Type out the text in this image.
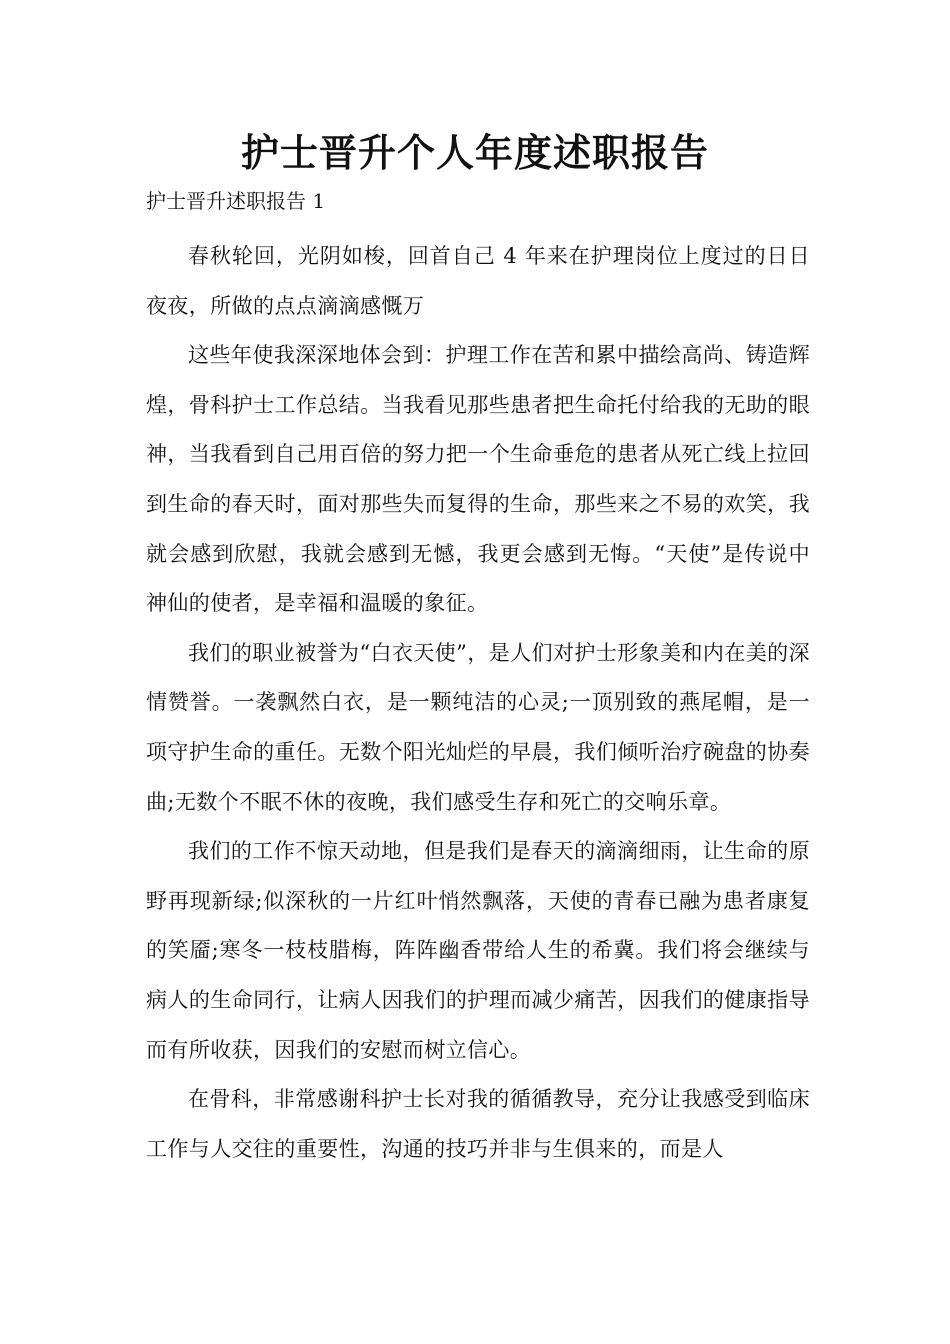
护士晋升个人年度述职报告

护士晋升述职报告 1

春秋轮回，光阴如梭，回首自己 4 年来在护理岗位上度过的日日夜夜，所做的点点滴滴感慨万

这些年使我深深地体会到：护理工作在苦和累中描绘高尚、铸造辉煌，骨科护士工作总结。当我看见那些患者把生命托付给我的无助的眼神，当我看到自己用百倍的努力把一个生命垂危的患者从死亡线上拉回到生命的春天时，面对那些失而复得的生命，那些来之不易的欢笑，我就会感到欣慰，我就会感到无憾，我更会感到无悔。“天使”是传说中神仙的使者，是幸福和温暖的象征。

我们的职业被誉为“白衣天使”，是人们对护士形象美和内在美的深情赞誉。一袭飘然白衣，是一颗纯洁的心灵;一顶别致的燕尾帽，是一项守护生命的重任。无数个阳光灿烂的早晨，我们倾听治疗碗盘的协奏曲;无数个不眠不休的夜晚，我们感受生存和死亡的交响乐章。

我们的工作不惊天动地，但是我们是春天的滴滴细雨，让生命的原野再现新绿;似深秋的一片红叶悄然飘落，天使的青春已融为患者康复的笑靥;寒冬一枝枝腊梅，阵阵幽香带给人生的希冀。我们将会继续与病人的生命同行，让病人因我们的护理而减少痛苦，因我们的健康指导而有所收获，因我们的安慰而树立信心。

在骨科，非常感谢科护士长对我的循循教导，充分让我感受到临床工作与人交往的重要性，沟通的技巧并非与生俱来的，而是人
